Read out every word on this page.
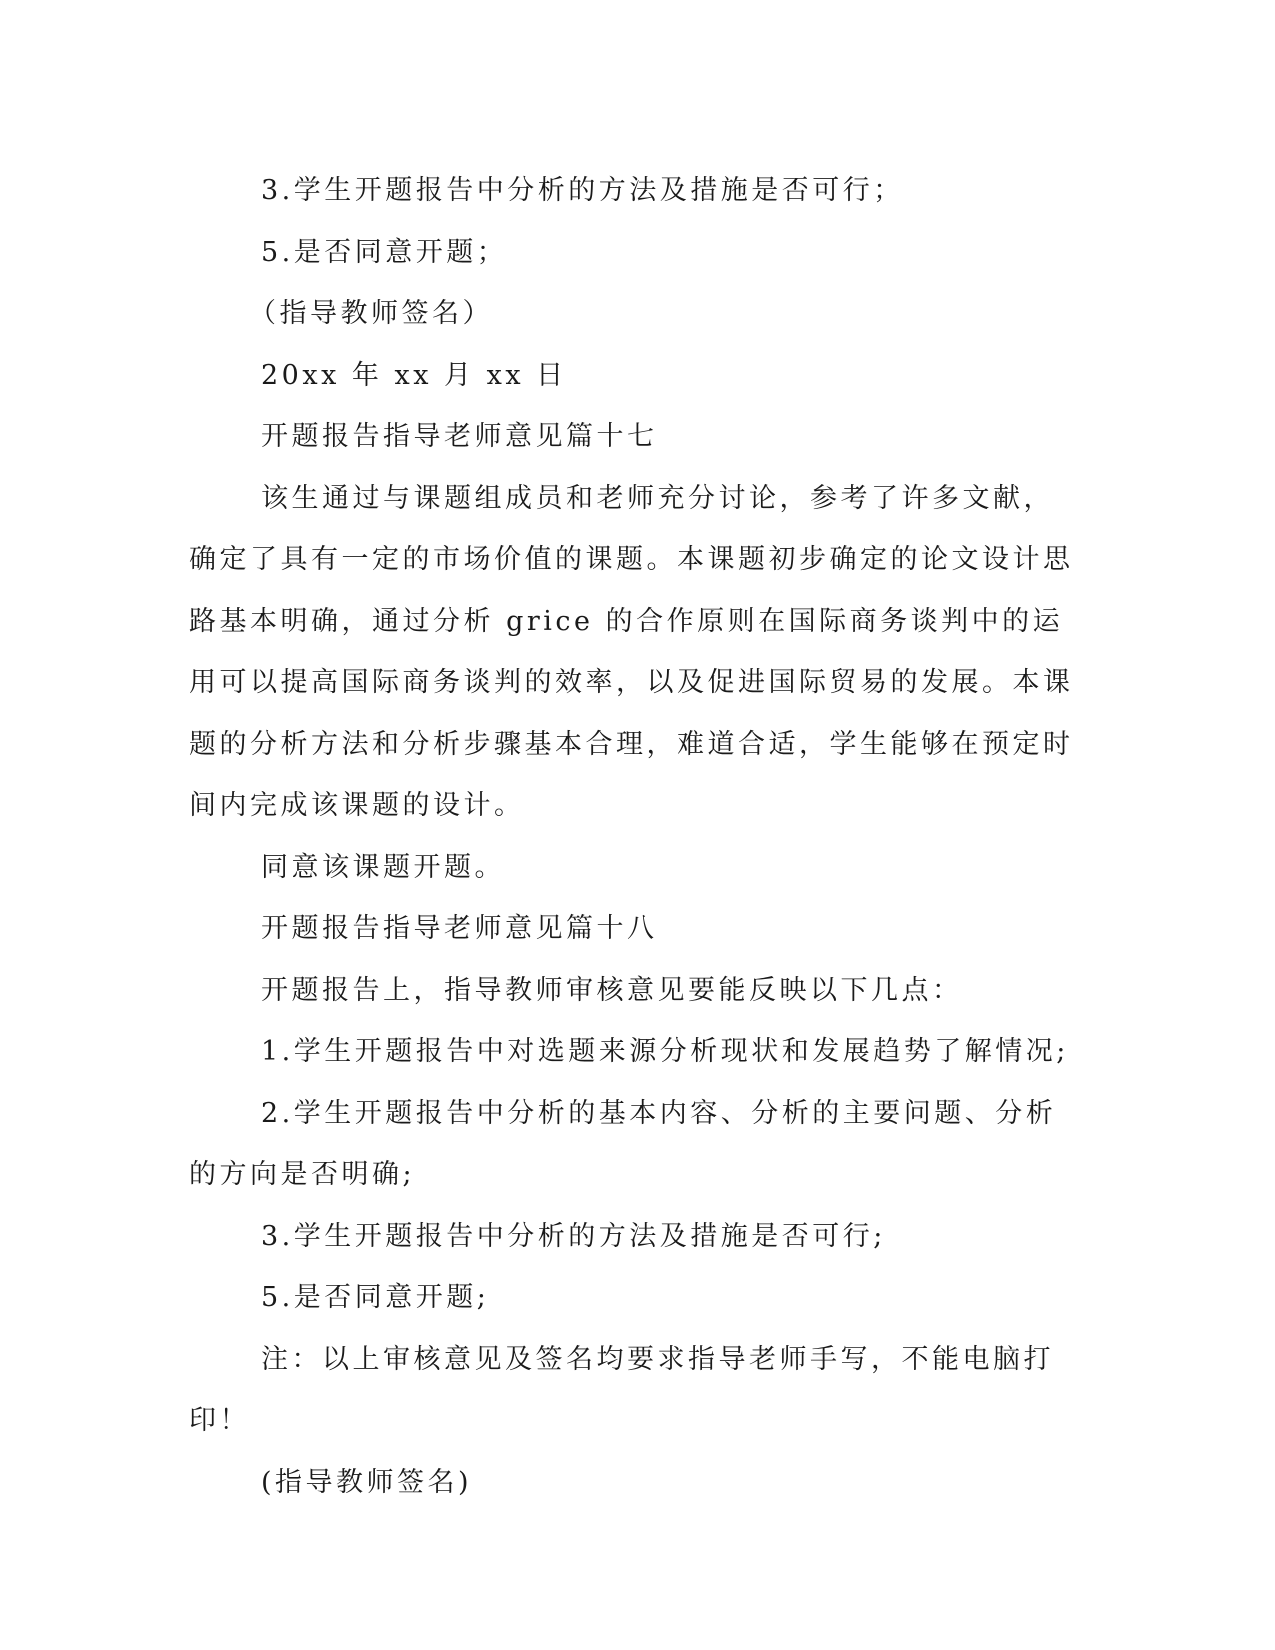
3.学生开题报告中分析的方法及措施是否可行；

5.是否同意开题；

（指导教师签名）

20xx 年 xx 月 xx 日

开题报告指导老师意见篇十七

该生通过与课题组成员和老师充分讨论，参考了许多文献，确定了具有一定的市场价值的课题。本课题初步确定的论文设计思路基本明确，通过分析 grice 的合作原则在国际商务谈判中的运用可以提高国际商务谈判的效率，以及促进国际贸易的发展。本课题的分析方法和分析步骤基本合理，难道合适，学生能够在预定时间内完成该课题的设计。

同意该课题开题。

开题报告指导老师意见篇十八

开题报告上，指导教师审核意见要能反映以下几点：

1.学生开题报告中对选题来源分析现状和发展趋势了解情况;

2.学生开题报告中分析的基本内容、分析的主要问题、分析的方向是否明确;

3.学生开题报告中分析的方法及措施是否可行;

5.是否同意开题;

注：以上审核意见及签名均要求指导老师手写，不能电脑打印！

(指导教师签名)
